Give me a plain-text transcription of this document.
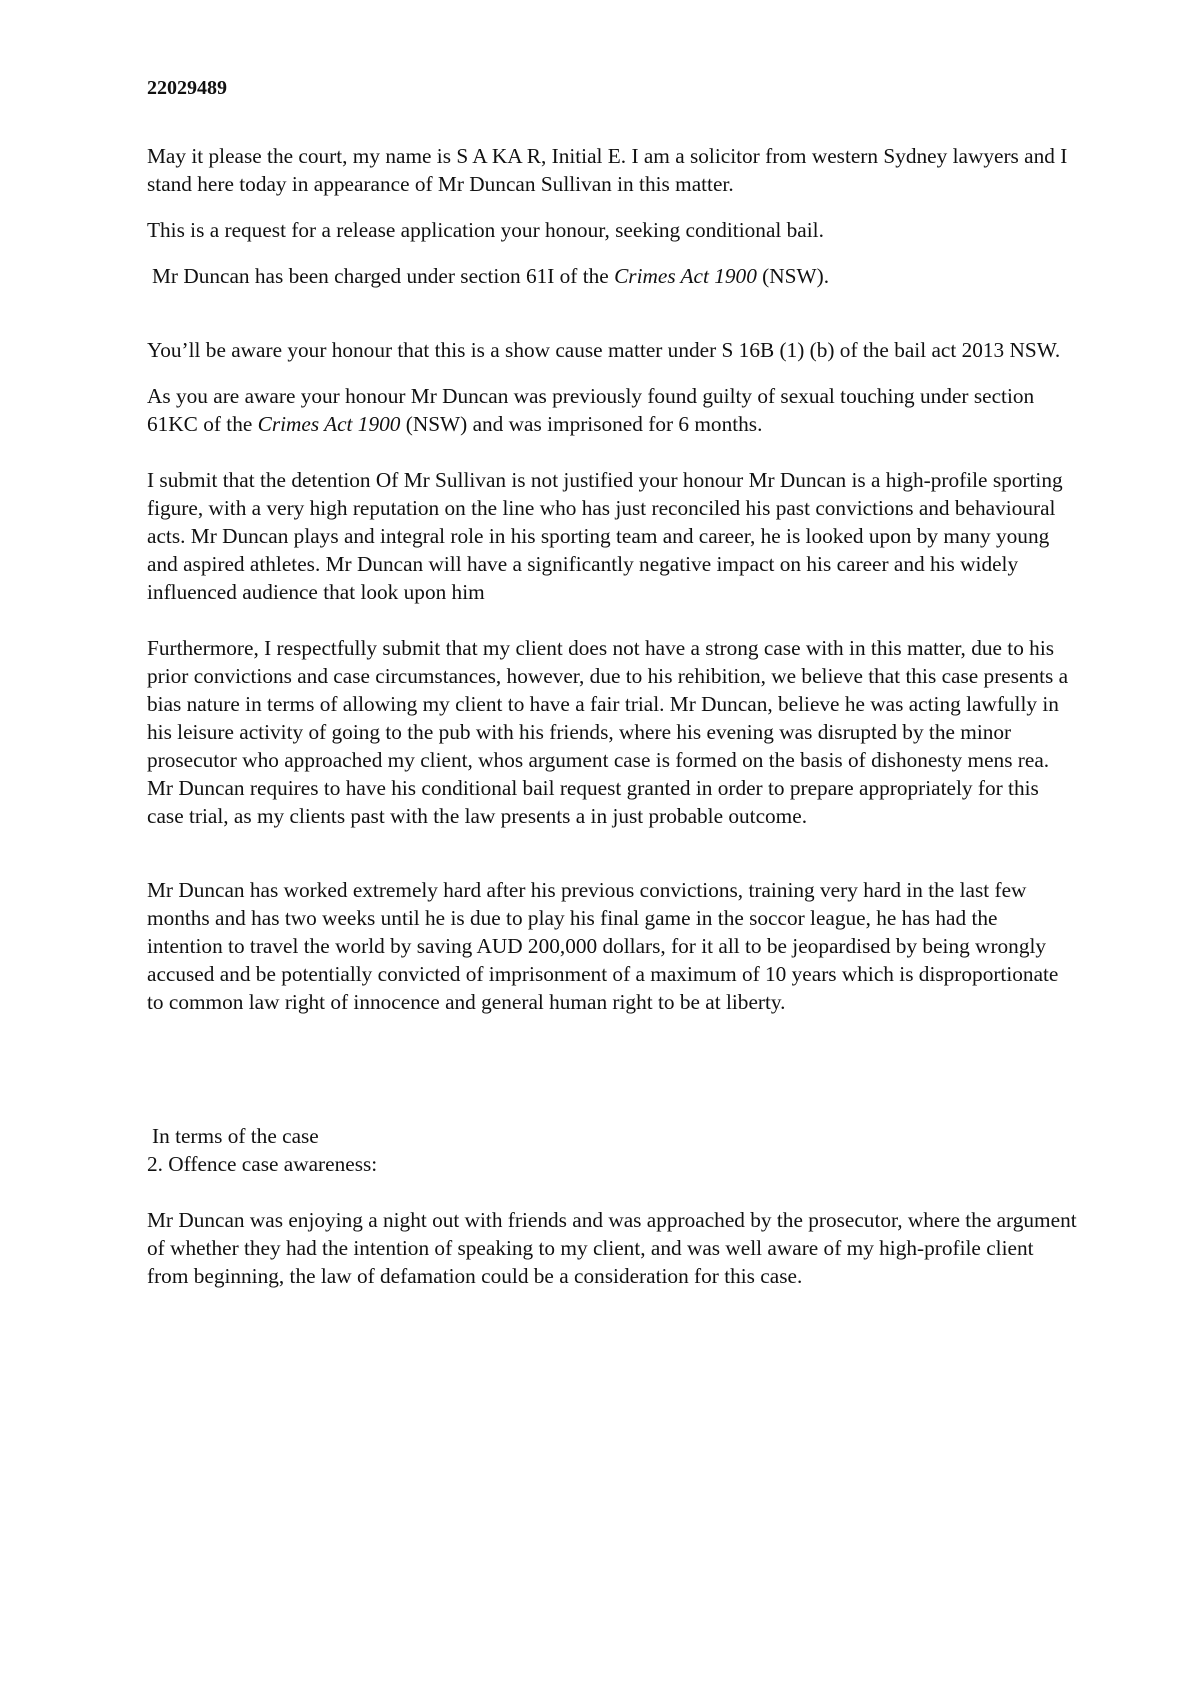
22029489

May it please the court, my name is S A KA R, Initial E. I am a solicitor from western Sydney lawyers and I stand here today in appearance of Mr Duncan Sullivan in this matter.

This is a request for a release application your honour, seeking conditional bail.

Mr Duncan has been charged under section 61I of the Crimes Act 1900 (NSW).

You’ll be aware your honour that this is a show cause matter under S 16B (1) (b) of the bail act 2013 NSW.

As you are aware your honour Mr Duncan was previously found guilty of sexual touching under section 61KC of the Crimes Act 1900 (NSW) and was imprisoned for 6 months.

I submit that the detention Of Mr Sullivan is not justified your honour Mr Duncan is a high-profile sporting figure, with a very high reputation on the line who has just reconciled his past convictions and behavioural acts. Mr Duncan plays and integral role in his sporting team and career, he is looked upon by many young and aspired athletes. Mr Duncan will have a significantly negative impact on his career and his widely influenced audience that look upon him

Furthermore, I respectfully submit that my client does not have a strong case with in this matter, due to his prior convictions and case circumstances, however, due to his rehibition, we believe that this case presents a bias nature in terms of allowing my client to have a fair trial. Mr Duncan, believe he was acting lawfully in his leisure activity of going to the pub with his friends, where his evening was disrupted by the minor prosecutor who approached my client, whos argument case is formed on the basis of dishonesty mens rea. Mr Duncan requires to have his conditional bail request granted in order to prepare appropriately for this case trial, as my clients past with the law presents a in just probable outcome.

Mr Duncan has worked extremely hard after his previous convictions, training very hard in the last few months and has two weeks until he is due to play his final game in the soccor league, he has had the intention to travel the world by saving AUD 200,000 dollars, for it all to be jeopardised by being wrongly accused and be potentially convicted of imprisonment of a maximum of 10 years which is disproportionate to common law right of innocence and general human right to be at liberty.

In terms of the case

2. Offence case awareness:

Mr Duncan was enjoying a night out with friends and was approached by the prosecutor, where the argument of whether they had the intention of speaking to my client, and was well aware of my high-profile client from beginning, the law of defamation could be a consideration for this case.
